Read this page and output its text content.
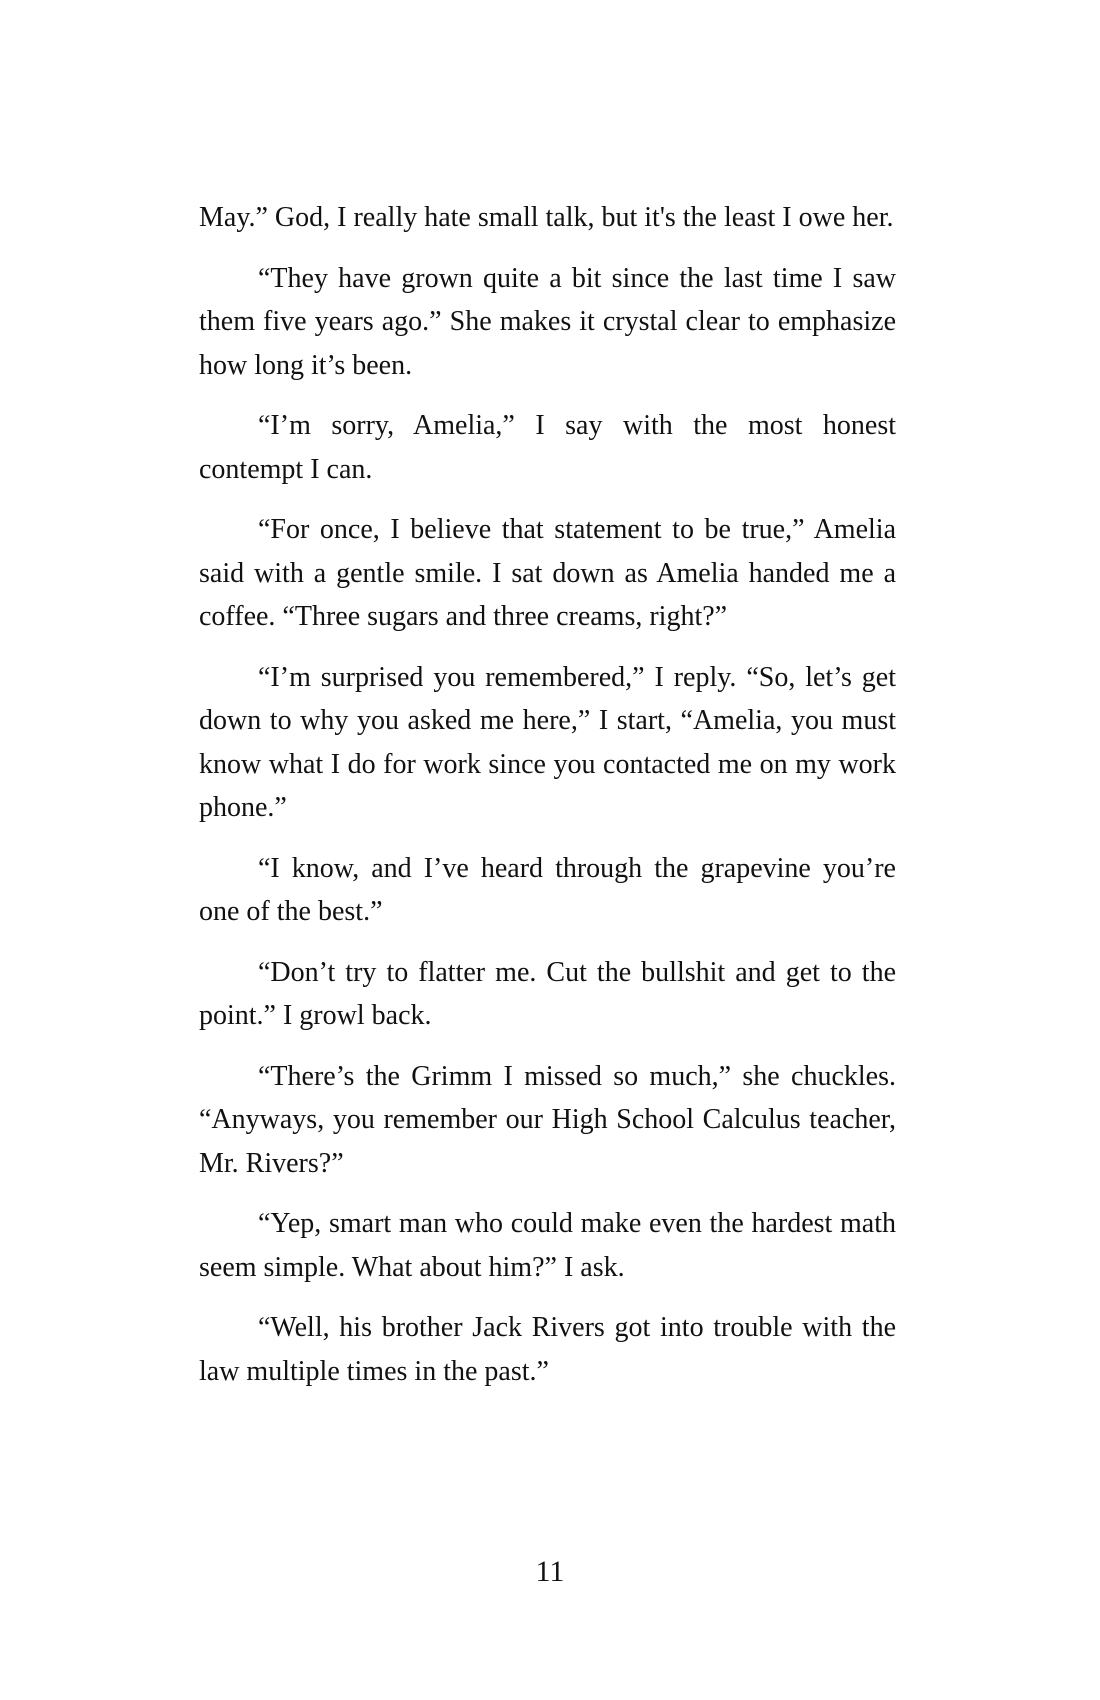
May.” God, I really hate small talk, but it's the least I owe her.

“They have grown quite a bit since the last time I saw them five years ago.” She makes it crystal clear to emphasize how long it’s been.

“I’m sorry, Amelia,” I say with the most honest contempt I can.

“For once, I believe that statement to be true,” Amelia said with a gentle smile. I sat down as Amelia handed me a coffee. “Three sugars and three creams, right?”

“I’m surprised you remembered,” I reply. “So, let’s get down to why you asked me here,” I start, “Amelia, you must know what I do for work since you contacted me on my work phone.”

“I know, and I’ve heard through the grapevine you’re one of the best.”

“Don’t try to flatter me. Cut the bullshit and get to the point.” I growl back.

“There’s the Grimm I missed so much,” she chuckles. “Anyways, you remember our High School Calculus teacher, Mr. Rivers?”

“Yep, smart man who could make even the hardest math seem simple. What about him?” I ask.

“Well, his brother Jack Rivers got into trouble with the law multiple times in the past.”

11
